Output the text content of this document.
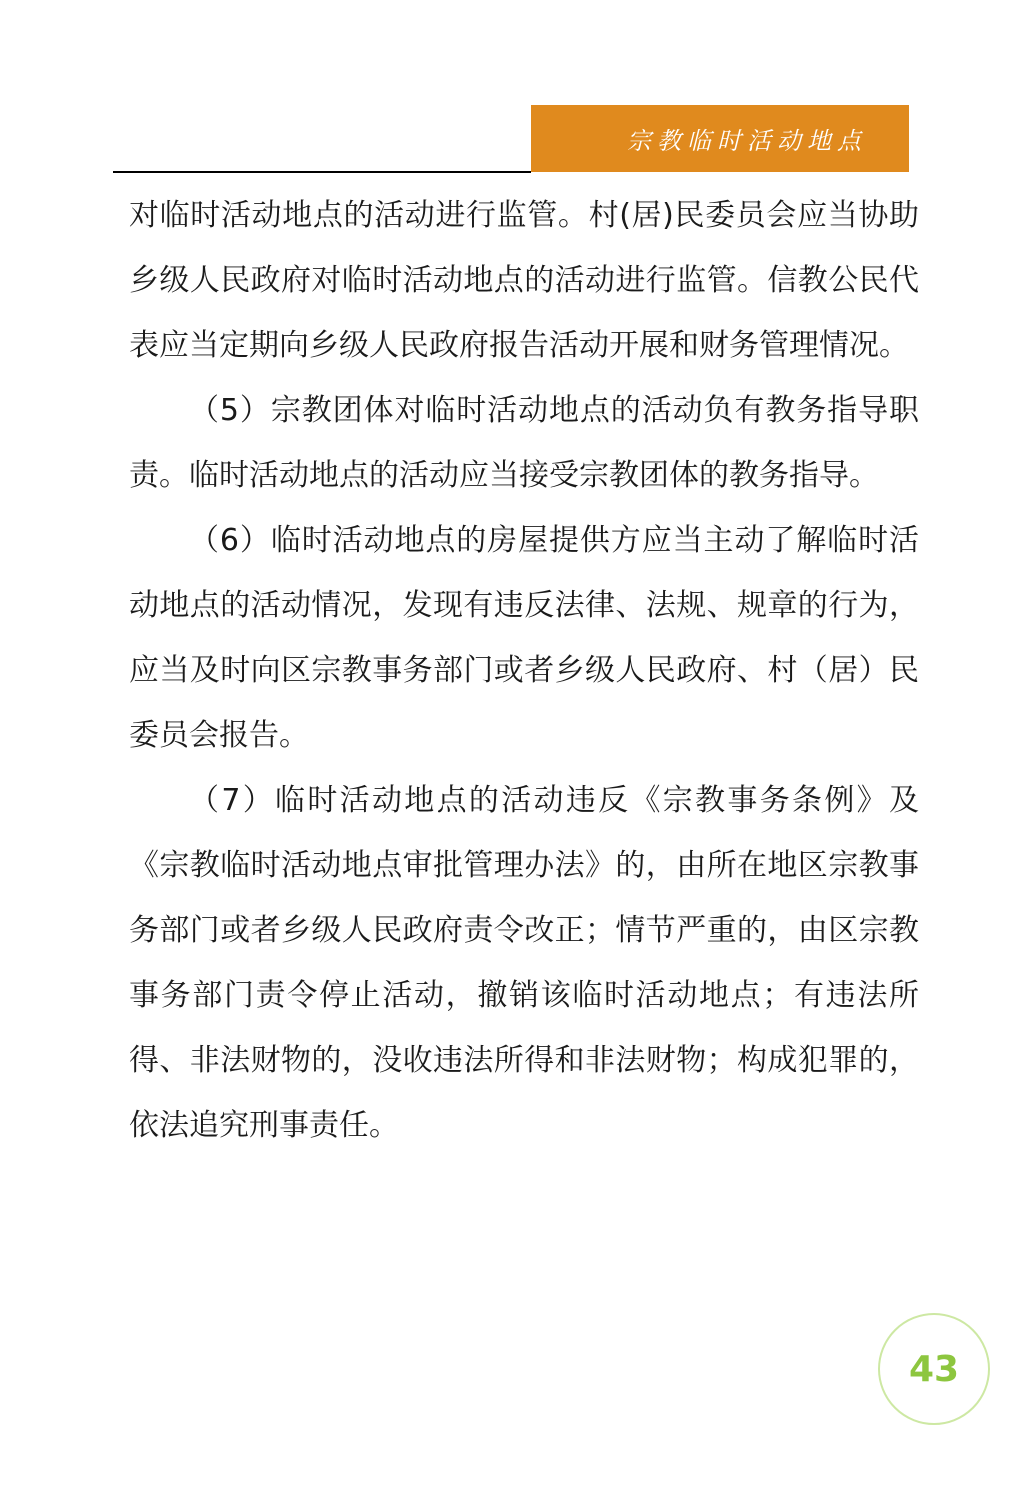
宗教临时活动地点

对临时活动地点的活动进行监管。村(居)民委员会应当协助乡级人民政府对临时活动地点的活动进行监管。信教公民代表应当定期向乡级人民政府报告活动开展和财务管理情况。

（5）宗教团体对临时活动地点的活动负有教务指导职责。临时活动地点的活动应当接受宗教团体的教务指导。

（6）临时活动地点的房屋提供方应当主动了解临时活动地点的活动情况，发现有违反法律、法规、规章的行为，应当及时向区宗教事务部门或者乡级人民政府、村（居）民委员会报告。

（7）临时活动地点的活动违反《宗教事务条例》及《宗教临时活动地点审批管理办法》的，由所在地区宗教事务部门或者乡级人民政府责令改正；情节严重的，由区宗教事务部门责令停止活动，撤销该临时活动地点；有违法所得、非法财物的，没收违法所得和非法财物；构成犯罪的，依法追究刑事责任。

43
